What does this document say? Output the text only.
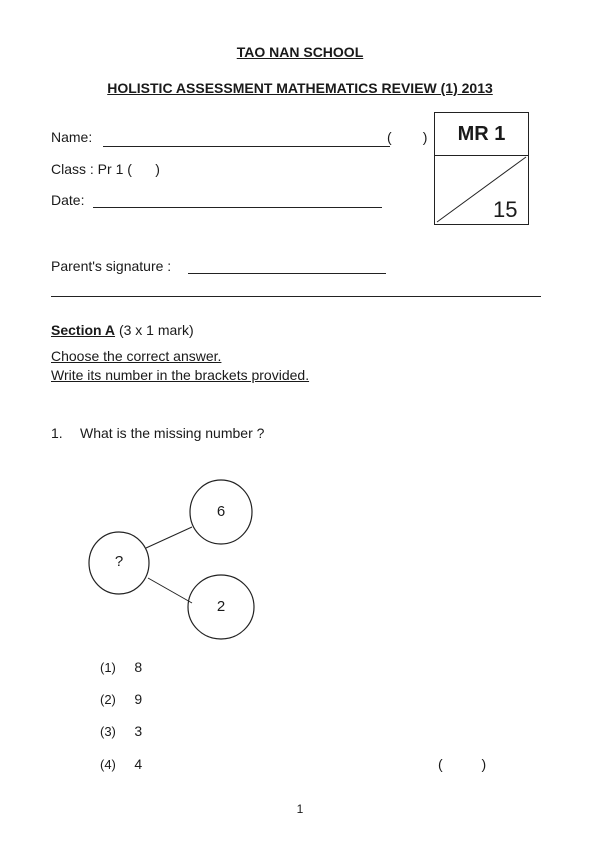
TAO NAN SCHOOL
HOLISTIC ASSESSMENT MATHEMATICS REVIEW (1) 2013
Name:	(        )
Class : Pr 1 (      )
Date:
MR 1
15
Parent's signature :
Section A (3 x 1 mark)
Choose the correct answer.
Write its number in the brackets provided.
1. What is the missing number ?
?
6
2
(1) 8
(2) 9
(3) 3
(4) 4	(          )
1
